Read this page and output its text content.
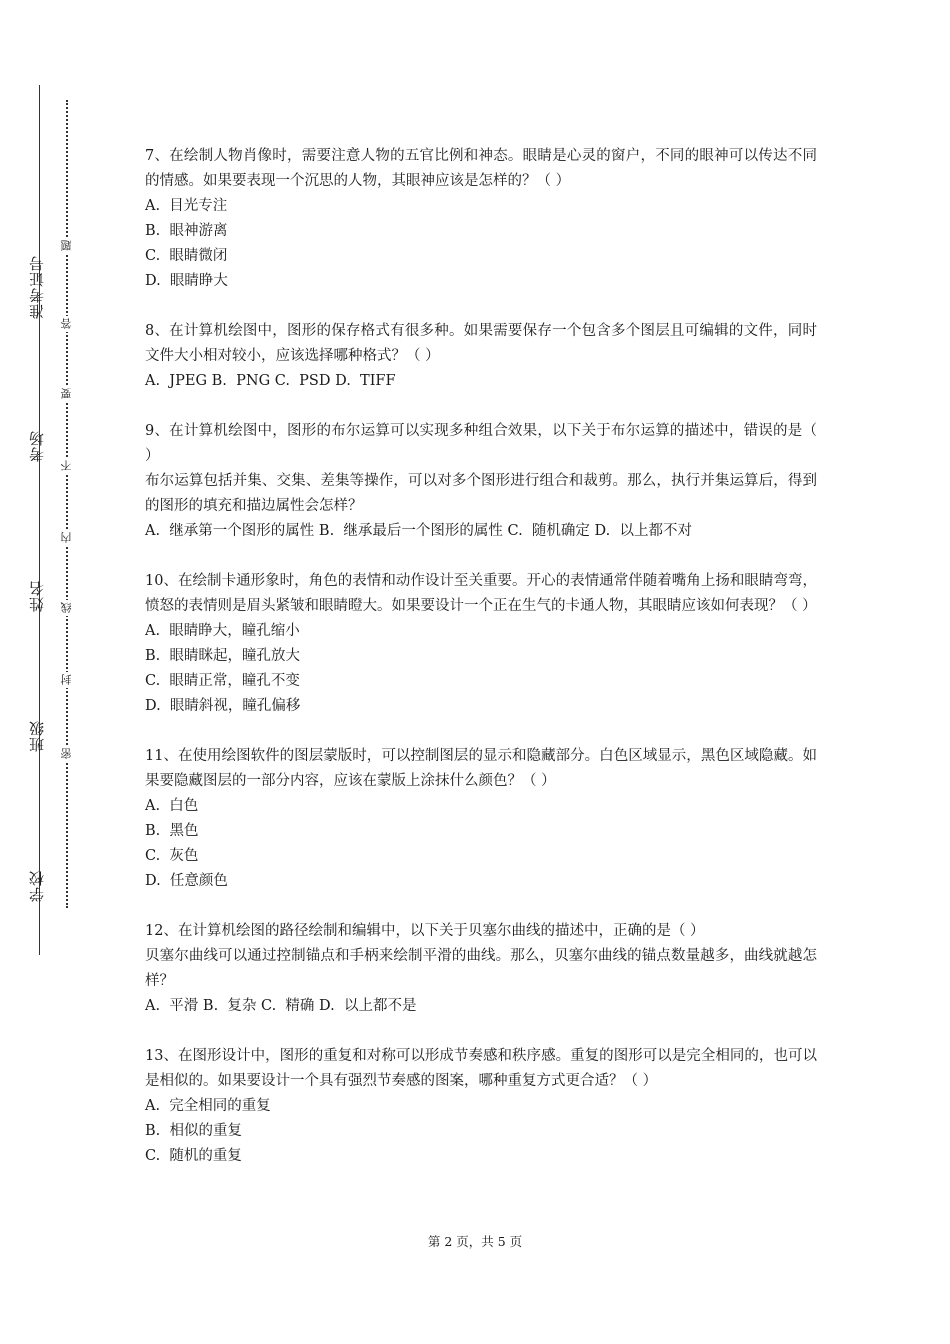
准考证号
考场
姓名
班级
学校
题
答
要
不
内
线
封
密

7、在绘制人物肖像时，需要注意人物的五官比例和神态。眼睛是心灵的窗户，不同的眼神可以传达不同的情感。如果要表现一个沉思的人物，其眼神应该是怎样的？（ ）

A.  目光专注

B.  眼神游离

C.  眼睛微闭

D.  眼睛睁大

8、在计算机绘图中，图形的保存格式有很多种。如果需要保存一个包含多个图层且可编辑的文件，同时文件大小相对较小，应该选择哪种格式？（ ）

A.  JPEG B.  PNG C.  PSD D.  TIFF

9、在计算机绘图中，图形的布尔运算可以实现多种组合效果，以下关于布尔运算的描述中，错误的是（ ）

布尔运算包括并集、交集、差集等操作，可以对多个图形进行组合和裁剪。那么，执行并集运算后，得到的图形的填充和描边属性会怎样？

A.  继承第一个图形的属性 B.  继承最后一个图形的属性 C.  随机确定 D.  以上都不对

10、在绘制卡通形象时，角色的表情和动作设计至关重要。开心的表情通常伴随着嘴角上扬和眼睛弯弯，愤怒的表情则是眉头紧皱和眼睛瞪大。如果要设计一个正在生气的卡通人物，其眼睛应该如何表现？（ ）

A.  眼睛睁大，瞳孔缩小

B.  眼睛眯起，瞳孔放大

C.  眼睛正常，瞳孔不变

D.  眼睛斜视，瞳孔偏移

11、在使用绘图软件的图层蒙版时，可以控制图层的显示和隐藏部分。白色区域显示，黑色区域隐藏。如果要隐藏图层的一部分内容，应该在蒙版上涂抹什么颜色？（ ）

A.  白色

B.  黑色

C.  灰色

D.  任意颜色

12、在计算机绘图的路径绘制和编辑中，以下关于贝塞尔曲线的描述中，正确的是（ ）

贝塞尔曲线可以通过控制锚点和手柄来绘制平滑的曲线。那么，贝塞尔曲线的锚点数量越多，曲线就越怎样？

A.  平滑 B.  复杂 C.  精确 D.  以上都不是

13、在图形设计中，图形的重复和对称可以形成节奏感和秩序感。重复的图形可以是完全相同的，也可以是相似的。如果要设计一个具有强烈节奏感的图案，哪种重复方式更合适？（ ）

A.  完全相同的重复

B.  相似的重复

C.  随机的重复

第 2 页，共 5 页
